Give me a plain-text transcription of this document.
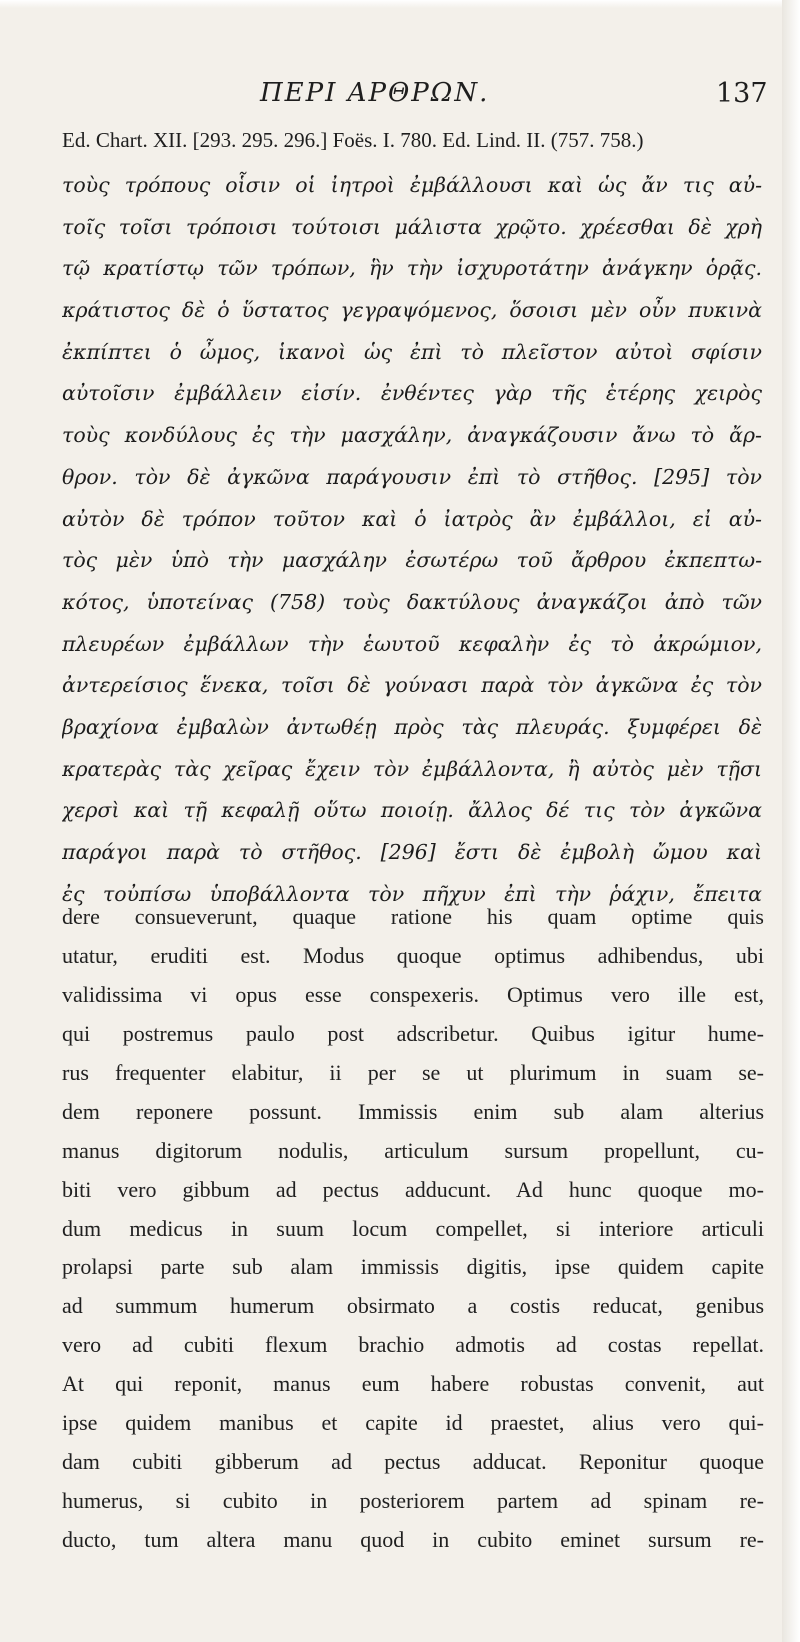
ΠΕΡΙ ΑΡΘΡΩΝ.	137
Ed. Chart. XII. [293. 295. 296.] Foës. I. 780. Ed. Lind. II. (757. 758.)
τοὺς τρόπους οἷσιν οἱ ἰητροὶ ἐμβάλλουσι καὶ ὡς ἄν τις αὐ-
τοῖς τοῖσι τρόποισι τούτοισι μάλιστα χρῷτο. χρέεσθαι δὲ χρὴ
τῷ κρατίστῳ τῶν τρόπων, ἣν τὴν ἰσχυροτάτην ἀνάγκην ὁρᾷς.
κράτιστος δὲ ὁ ὕστατος γεγραψόμενος, ὅσοισι μὲν οὖν πυκινὰ
ἐκπίπτει ὁ ὦμος, ἱκανοὶ ὡς ἐπὶ τὸ πλεῖστον αὐτοὶ σφίσιν
αὐτοῖσιν ἐμβάλλειν εἰσίν. ἐνθέντες γὰρ τῆς ἑτέρης χειρὸς
τοὺς κονδύλους ἐς τὴν μασχάλην, ἀναγκάζουσιν ἄνω τὸ ἄρ-
θρον. τὸν δὲ ἀγκῶνα παράγουσιν ἐπὶ τὸ στῆθος. [295] τὸν
αὐτὸν δὲ τρόπον τοῦτον καὶ ὁ ἰατρὸς ἂν ἐμβάλλοι, εἰ αὐ-
τὸς μὲν ὑπὸ τὴν μασχάλην ἐσωτέρω τοῦ ἄρθρου ἐκπεπτω-
κότος, ὑποτείνας (758) τοὺς δακτύλους ἀναγκάζοι ἀπὸ τῶν
πλευρέων ἐμβάλλων τὴν ἑωυτοῦ κεφαλὴν ἐς τὸ ἀκρώμιον,
ἀντερείσιος ἕνεκα, τοῖσι δὲ γούνασι παρὰ τὸν ἀγκῶνα ἐς τὸν
βραχίονα ἐμβαλὼν ἀντωθέῃ πρὸς τὰς πλευράς. ξυμφέρει δὲ
κρατερὰς τὰς χεῖρας ἔχειν τὸν ἐμβάλλοντα, ἢ αὐτὸς μὲν τῇσι
χερσὶ καὶ τῇ κεφαλῇ οὕτω ποιοίῃ. ἄλλος δέ τις τὸν ἀγκῶνα
παράγοι παρὰ τὸ στῆθος. [296] ἔστι δὲ ἐμβολὴ ὤμου καὶ
ἐς τοὐπίσω ὑποβάλλοντα τὸν πῆχυν ἐπὶ τὴν ῥάχιν, ἔπειτα
dere consueverunt, quaque ratione his quam optime quis
utatur, eruditi est. Modus quoque optimus adhibendus, ubi
validissima vi opus esse conspexeris. Optimus vero ille est,
qui postremus paulo post adscribetur. Quibus igitur hume-
rus frequenter elabitur, ii per se ut plurimum in suam se-
dem reponere possunt. Immissis enim sub alam alterius
manus digitorum nodulis, articulum sursum propellunt, cu-
biti vero gibbum ad pectus adducunt. Ad hunc quoque mo-
dum medicus in suum locum compellet, si interiore articuli
prolapsi parte sub alam immissis digitis, ipse quidem capite
ad summum humerum obsirmato a costis reducat, genibus
vero ad cubiti flexum brachio admotis ad costas repellat.
At qui reponit, manus eum habere robustas convenit, aut
ipse quidem manibus et capite id praestet, alius vero qui-
dam cubiti gibberum ad pectus adducat. Reponitur quoque
humerus, si cubito in posteriorem partem ad spinam re-
ducto, tum altera manu quod in cubito eminet sursum re-
